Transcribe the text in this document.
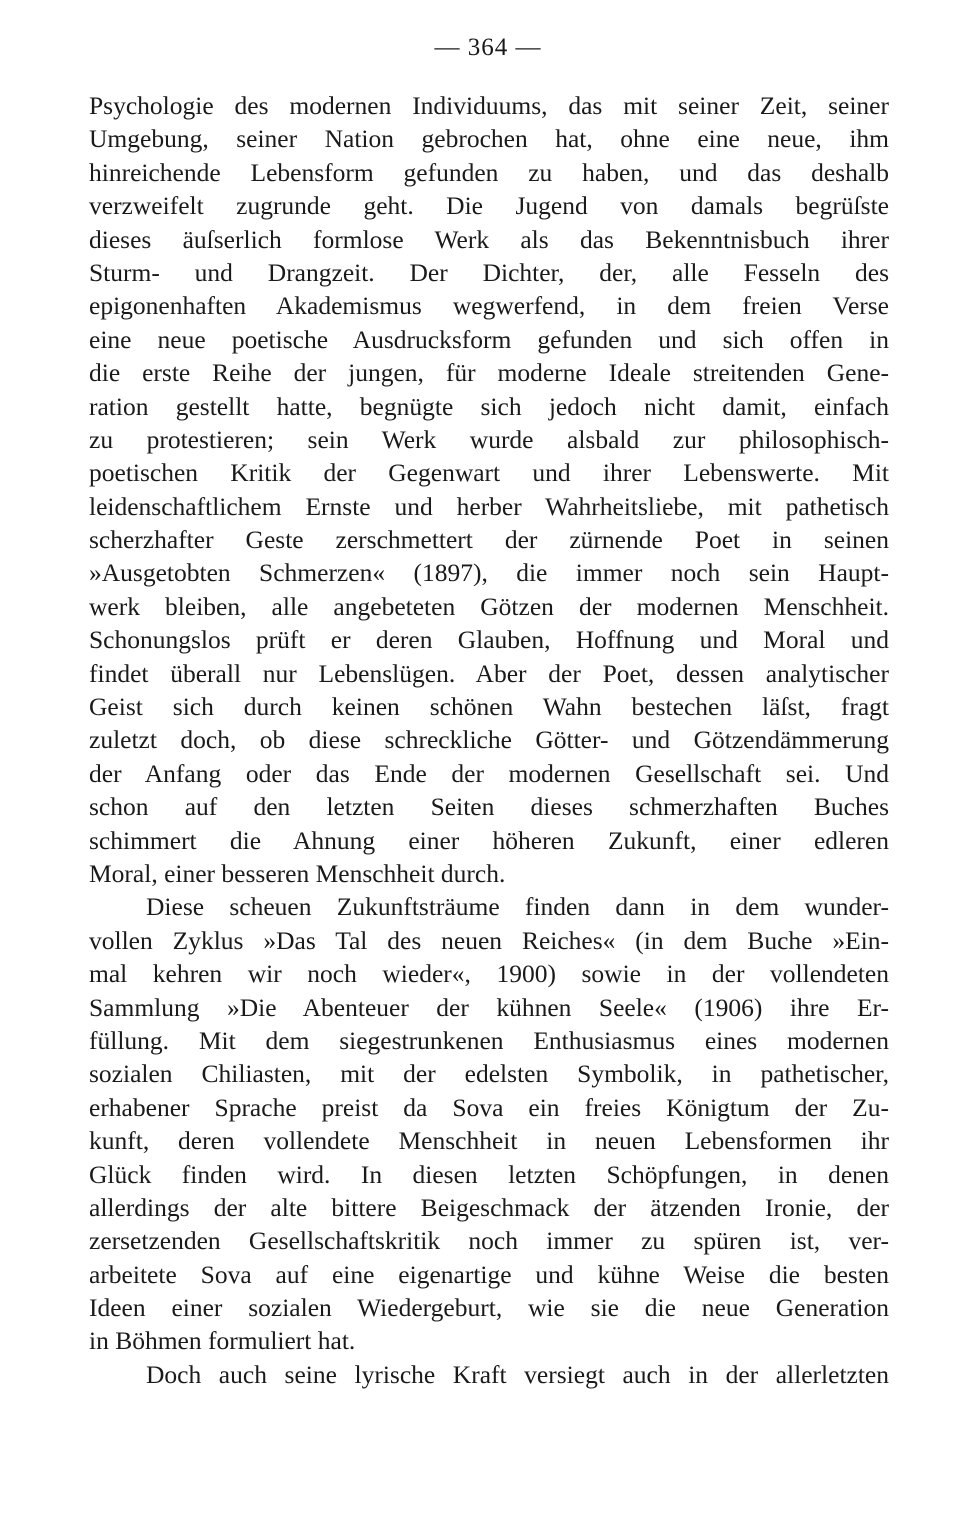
— 364 —
Psychologie des modernen Individuums, das mit seiner Zeit, seiner
Umgebung, seiner Nation gebrochen hat, ohne eine neue, ihm
hinreichende Lebensform gefunden zu haben, und das deshalb
verzweifelt zugrunde geht. Die Jugend von damals begrüſste
dieses äuſserlich formlose Werk als das Bekenntnisbuch ihrer
Sturm- und Drangzeit. Der Dichter, der, alle Fesseln des
epigonenhaften Akademismus wegwerfend, in dem freien Verse
eine neue poetische Ausdrucksform gefunden und sich offen in
die erste Reihe der jungen, für moderne Ideale streitenden Gene-
ration gestellt hatte, begnügte sich jedoch nicht damit, einfach
zu protestieren; sein Werk wurde alsbald zur philosophisch-
poetischen Kritik der Gegenwart und ihrer Lebenswerte. Mit
leidenschaftlichem Ernste und herber Wahrheitsliebe, mit pathetisch
scherzhafter Geste zerschmettert der zürnende Poet in seinen
»Ausgetobten Schmerzen« (1897), die immer noch sein Haupt-
werk bleiben, alle angebeteten Götzen der modernen Menschheit.
Schonungslos prüft er deren Glauben, Hoffnung und Moral und
findet überall nur Lebenslügen. Aber der Poet, dessen analytischer
Geist sich durch keinen schönen Wahn bestechen läſst, fragt
zuletzt doch, ob diese schreckliche Götter- und Götzendämmerung
der Anfang oder das Ende der modernen Gesellschaft sei. Und
schon auf den letzten Seiten dieses schmerzhaften Buches
schimmert die Ahnung einer höheren Zukunft, einer edleren
Moral, einer besseren Menschheit durch.
Diese scheuen Zukunftsträume finden dann in dem wunder-
vollen Zyklus »Das Tal des neuen Reiches« (in dem Buche »Ein-
mal kehren wir noch wieder«, 1900) sowie in der vollendeten
Sammlung »Die Abenteuer der kühnen Seele« (1906) ihre Er-
füllung. Mit dem siegestrunkenen Enthusiasmus eines modernen
sozialen Chiliasten, mit der edelsten Symbolik, in pathetischer,
erhabener Sprache preist da Sova ein freies Königtum der Zu-
kunft, deren vollendete Menschheit in neuen Lebensformen ihr
Glück finden wird. In diesen letzten Schöpfungen, in denen
allerdings der alte bittere Beigeschmack der ätzenden Ironie, der
zersetzenden Gesellschaftskritik noch immer zu spüren ist, ver-
arbeitete Sova auf eine eigenartige und kühne Weise die besten
Ideen einer sozialen Wiedergeburt, wie sie die neue Generation
in Böhmen formuliert hat.
Doch auch seine lyrische Kraft versiegt auch in der allerletzten
